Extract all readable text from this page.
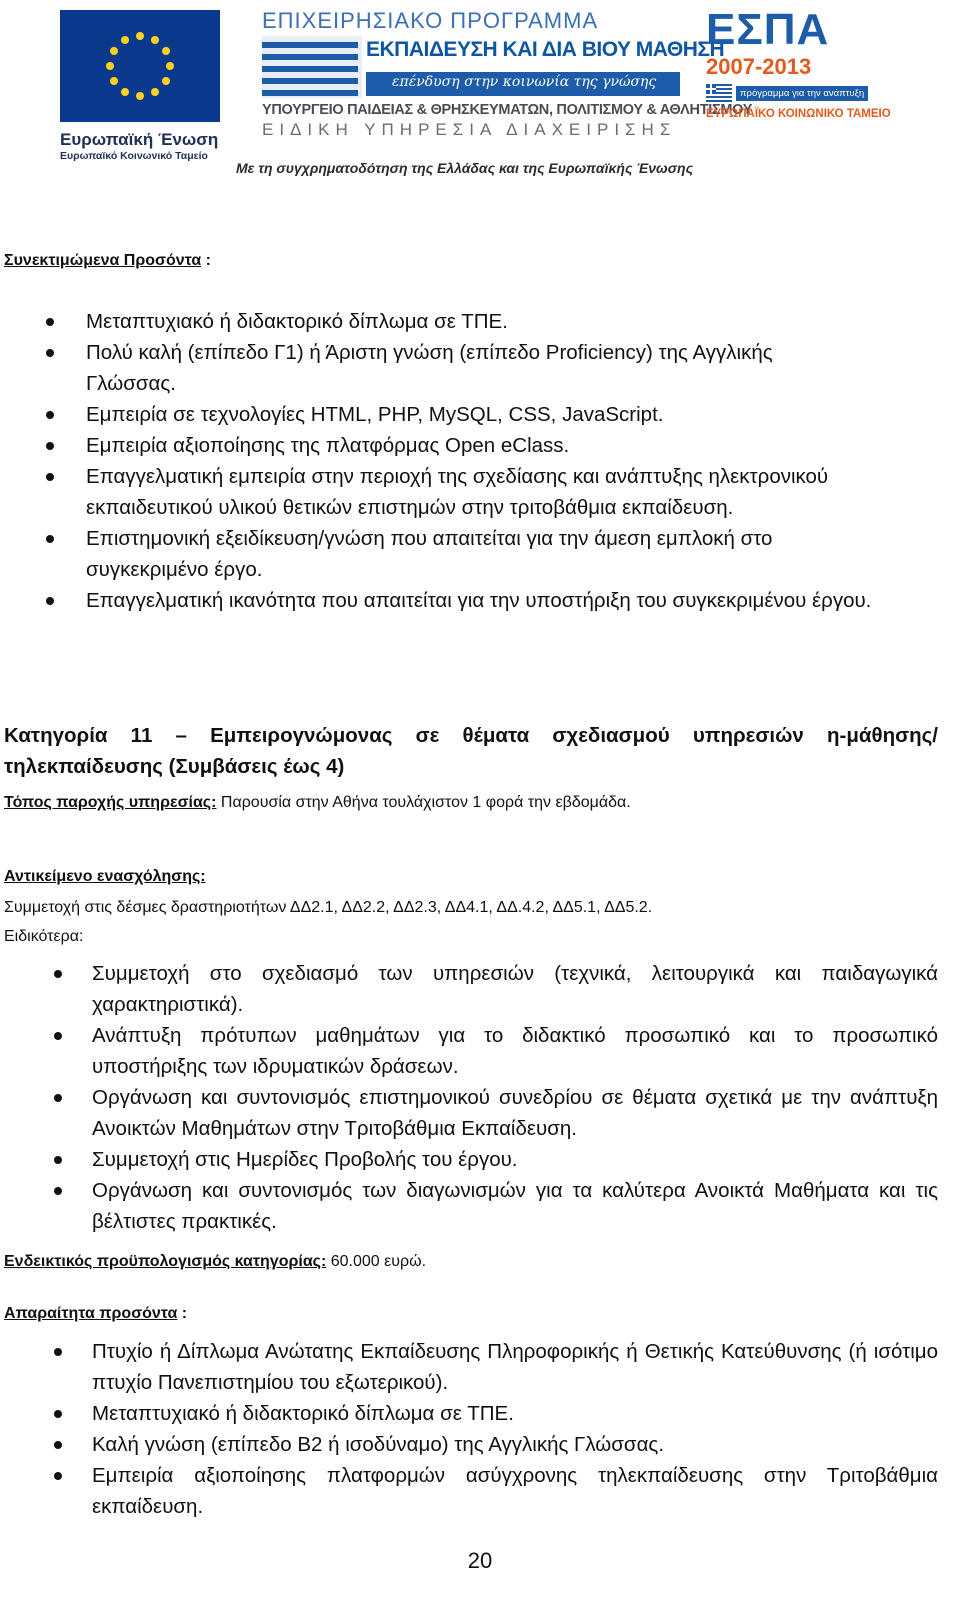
Ευρωπαϊκή Ένωση
Ευρωπαϊκό Κοινωνικό Ταμείο
ΕΠΙΧΕΙΡΗΣΙΑΚΟ ΠΡΟΓΡΑΜΜΑ
ΕΚΠΑΙΔΕΥΣΗ ΚΑΙ ΔΙΑ ΒΙΟΥ ΜΑΘΗΣΗ
επένδυση στην κοινωνία της γνώσης
ΥΠΟΥΡΓΕΙΟ ΠΑΙΔΕΙΑΣ & ΘΡΗΣΚΕΥΜΑΤΩΝ, ΠΟΛΙΤΙΣΜΟΥ & ΑΘΛΗΤΙΣΜΟΥ
ΕΙΔΙΚΗ ΥΠΗΡΕΣΙΑ ΔΙΑΧΕΙΡΙΣΗΣ
Με τη συγχρηματοδότηση της Ελλάδας και της Ευρωπαϊκής Ένωσης
ΕΣΠΑ
2007-2013
πρόγραμμα για την ανάπτυξη
ΕΥΡΩΠΑΪΚΟ ΚΟΙΝΩΝΙΚΟ ΤΑΜΕΙΟ
Συνεκτιμώμενα Προσόντα :
Μεταπτυχιακό ή διδακτορικό δίπλωμα σε ΤΠΕ.
Πολύ καλή (επίπεδο Γ1) ή Άριστη γνώση (επίπεδο Proficiency) της Αγγλικής Γλώσσας.
Εμπειρία σε τεχνολογίες HTML, PHP, MySQL, CSS, JavaScript.
Εμπειρία αξιοποίησης της πλατφόρμας Open eClass.
Επαγγελματική εμπειρία στην περιοχή της σχεδίασης και ανάπτυξης ηλεκτρονικού εκπαιδευτικού υλικού θετικών επιστημών στην τριτοβάθμια εκπαίδευση.
Επιστημονική εξειδίκευση/γνώση που απαιτείται για την άμεση εμπλοκή στο συγκεκριμένο έργο.
Επαγγελματική ικανότητα που απαιτείται για την υποστήριξη του συγκεκριμένου έργου.
Κατηγορία 11 – Εμπειρογνώμονας σε θέματα σχεδιασμού υπηρεσιών η-μάθησης/τηλεκπαίδευσης (Συμβάσεις έως 4)
Τόπος παροχής υπηρεσίας: Παρουσία στην Αθήνα τουλάχιστον 1 φορά την εβδομάδα.
Αντικείμενο ενασχόλησης:
Συμμετοχή στις δέσμες δραστηριοτήτων ΔΔ2.1, ΔΔ2.2, ΔΔ2.3, ΔΔ4.1, ΔΔ.4.2, ΔΔ5.1, ΔΔ5.2.
Ειδικότερα:
Συμμετοχή στο σχεδιασμό των υπηρεσιών (τεχνικά, λειτουργικά και παιδαγωγικά χαρακτηριστικά).
Ανάπτυξη πρότυπων μαθημάτων για το διδακτικό προσωπικό και το προσωπικό υποστήριξης των ιδρυματικών δράσεων.
Οργάνωση και συντονισμός επιστημονικού συνεδρίου σε θέματα σχετικά με την ανάπτυξη Ανοικτών Μαθημάτων στην Τριτοβάθμια Εκπαίδευση.
Συμμετοχή στις Ημερίδες Προβολής του έργου.
Οργάνωση και συντονισμός των διαγωνισμών για τα καλύτερα Ανοικτά Μαθήματα και τις βέλτιστες πρακτικές.
Ενδεικτικός προϋπολογισμός κατηγορίας: 60.000 ευρώ.
Απαραίτητα προσόντα :
Πτυχίο ή Δίπλωμα Ανώτατης Εκπαίδευσης Πληροφορικής ή Θετικής Κατεύθυνσης (ή ισότιμο πτυχίο Πανεπιστημίου του εξωτερικού).
Μεταπτυχιακό ή διδακτορικό δίπλωμα σε ΤΠΕ.
Καλή γνώση (επίπεδο Β2 ή ισοδύναμο) της Αγγλικής Γλώσσας.
Εμπειρία αξιοποίησης πλατφορμών ασύγχρονης τηλεκπαίδευσης στην Τριτοβάθμια εκπαίδευση.
20
